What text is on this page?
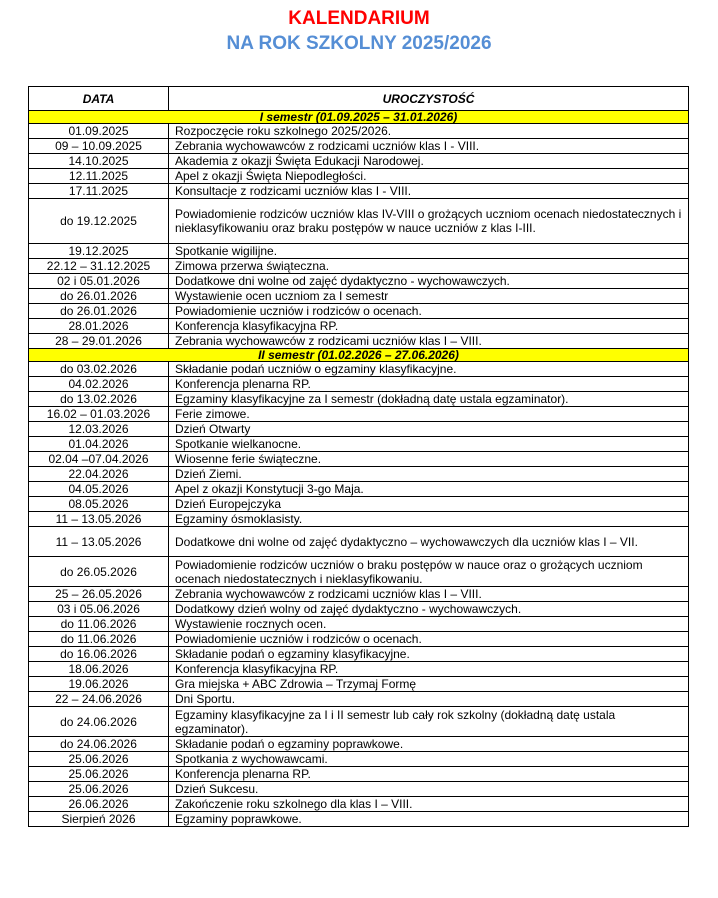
KALENDARIUM
NA ROK SZKOLNY 2025/2026
DATA	UROCZYSTOŚĆ
I semestr (01.09.2025 – 31.01.2026)	
01.09.2025	Rozpoczęcie roku szkolnego 2025/2026.
09 – 10.09.2025	Zebrania wychowawców z rodzicami uczniów klas I - VIII.
14.10.2025	Akademia z okazji Święta Edukacji Narodowej.
12.11.2025	Apel z okazji Święta Niepodległości.
17.11.2025	Konsultacje z rodzicami uczniów klas I - VIII.
do 19.12.2025	Powiadomienie rodziców uczniów klas IV-VIII o grożących uczniom ocenach niedostatecznych i nieklasyfikowaniu oraz braku postępów w nauce uczniów z klas I-III.
19.12.2025	Spotkanie wigilijne.
22.12 – 31.12.2025	Zimowa przerwa świąteczna.
02 i 05.01.2026	Dodatkowe dni wolne od zajęć dydaktyczno - wychowawczych.
do 26.01.2026	Wystawienie ocen uczniom za I semestr
do 26.01.2026	Powiadomienie uczniów i rodziców o ocenach.
28.01.2026	Konferencja klasyfikacyjna RP.
28 – 29.01.2026	Zebrania wychowawców z rodzicami uczniów klas I – VIII.
II semestr (01.02.2026 – 27.06.2026)	
do 03.02.2026	Składanie podań uczniów o egzaminy klasyfikacyjne.
04.02.2026	Konferencja plenarna RP.
do 13.02.2026	Egzaminy klasyfikacyjne za I semestr (dokładną datę ustala egzaminator).
16.02 – 01.03.2026	Ferie zimowe.
12.03.2026	Dzień Otwarty
01.04.2026	Spotkanie wielkanocne.
02.04 –07.04.2026	Wiosenne ferie świąteczne.
22.04.2026	Dzień Ziemi.
04.05.2026	Apel z okazji Konstytucji 3-go Maja.
08.05.2026	Dzień Europejczyka
11 – 13.05.2026	Egzaminy ósmoklasisty.
11 – 13.05.2026	Dodatkowe dni wolne od zajęć dydaktyczno – wychowawczych dla uczniów klas I – VII.
do 26.05.2026	Powiadomienie rodziców uczniów o braku postępów w nauce oraz o grożących uczniom ocenach niedostatecznych i nieklasyfikowaniu.
25 – 26.05.2026	Zebrania wychowawców z rodzicami uczniów klas I – VIII.
03 i 05.06.2026	Dodatkowy dzień wolny od zajęć dydaktyczno - wychowawczych.
do 11.06.2026	Wystawienie rocznych ocen.
do 11.06.2026	Powiadomienie uczniów i rodziców o ocenach.
do 16.06.2026	Składanie podań o egzaminy klasyfikacyjne.
18.06.2026	Konferencja klasyfikacyjna RP.
19.06.2026	Gra miejska + ABC Zdrowia – Trzymaj Formę
22 – 24.06.2026	Dni Sportu.
do 24.06.2026	Egzaminy klasyfikacyjne za I i II semestr lub cały rok szkolny (dokładną datę ustala egzaminator).
do 24.06.2026	Składanie podań o egzaminy poprawkowe.
25.06.2026	Spotkania z wychowawcami.
25.06.2026	Konferencja plenarna RP.
25.06.2026	Dzień Sukcesu.
26.06.2026	Zakończenie roku szkolnego dla klas I – VIII.
Sierpień 2026	Egzaminy poprawkowe.
